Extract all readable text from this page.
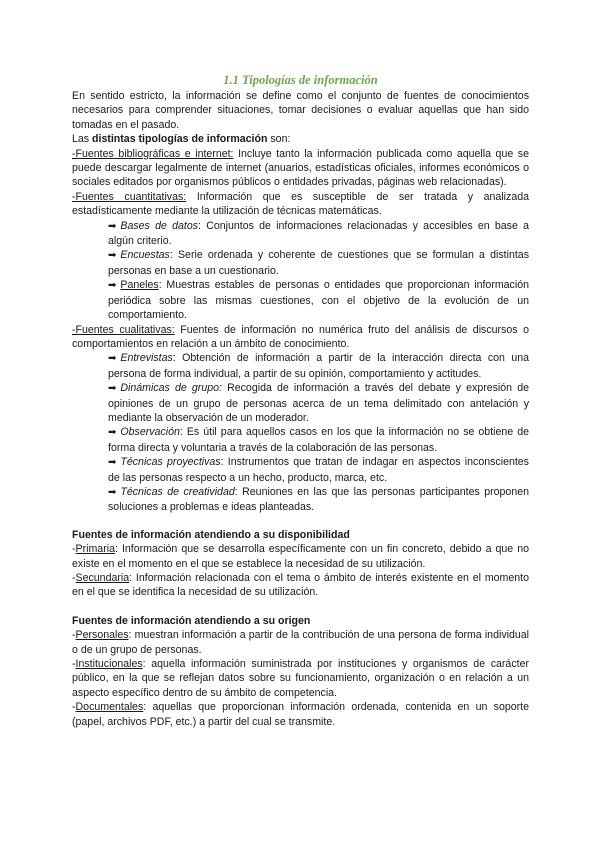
1.1 Tipologías de información

En sentido estricto, la información se define como el conjunto de fuentes de conocimientos necesarios para comprender situaciones, tomar decisiones o evaluar aquellas que han sido tomadas en el pasado.

Las distintas tipologías de información son:

-Fuentes bibliográficas e internet: Incluye tanto la información publicada como aquella que se puede descargar legalmente de internet (anuarios, estadísticas oficiales, informes económicos o sociales editados por organismos públicos o entidades privadas, páginas web relacionadas).

-Fuentes cuantitativas: Información que es susceptible de ser tratada y analizada estadísticamente mediante la utilización de técnicas matemáticas.

➡ Bases de datos: Conjuntos de informaciones relacionadas y accesibles en base a algún criterio.

➡ Encuestas: Serie ordenada y coherente de cuestiones que se formulan a distintas personas en base a un cuestionario.

➡ Paneles: Muestras estables de personas o entidades que proporcionan información periódica sobre las mismas cuestiones, con el objetivo de la evolución de un comportamiento.

-Fuentes cualitativas: Fuentes de información no numérica fruto del análisis de discursos o comportamientos en relación a un ámbito de conocimiento.

➡ Entrevistas: Obtención de información a partir de la interacción directa con una persona de forma individual, a partir de su opinión, comportamiento y actitudes.

➡ Dinámicas de grupo: Recogida de información a través del debate y expresión de opiniones de un grupo de personas acerca de un tema delimitado con antelación y mediante la observación de un moderador.

➡ Observación: Es útil para aquellos casos en los que la información no se obtiene de forma directa y voluntaria a través de la colaboración de las personas.

➡ Técnicas proyectivas: Instrumentos que tratan de indagar en aspectos inconscientes de las personas respecto a un hecho, producto, marca, etc.

➡ Técnicas de creatividad: Reuniones en las que las personas participantes proponen soluciones a problemas e ideas planteadas.

Fuentes de información atendiendo a su disponibilidad

-Primaria: Información que se desarrolla específicamente con un fin concreto, debido a que no existe en el momento en el que se establece la necesidad de su utilización.

-Secundaria: Información relacionada con el tema o ámbito de interés existente en el momento en el que se identifica la necesidad de su utilización.

Fuentes de información atendiendo a su origen

-Personales: muestran información a partir de la contribución de una persona de forma individual o de un grupo de personas.

-Institucionales: aquella información suministrada por instituciones y organismos de carácter público, en la que se reflejan datos sobre su funcionamiento, organización o en relación a un aspecto específico dentro de su ámbito de competencia.

-Documentales: aquellas que proporcionan información ordenada, contenida en un soporte (papel, archivos PDF, etc.) a partir del cual se transmite.
